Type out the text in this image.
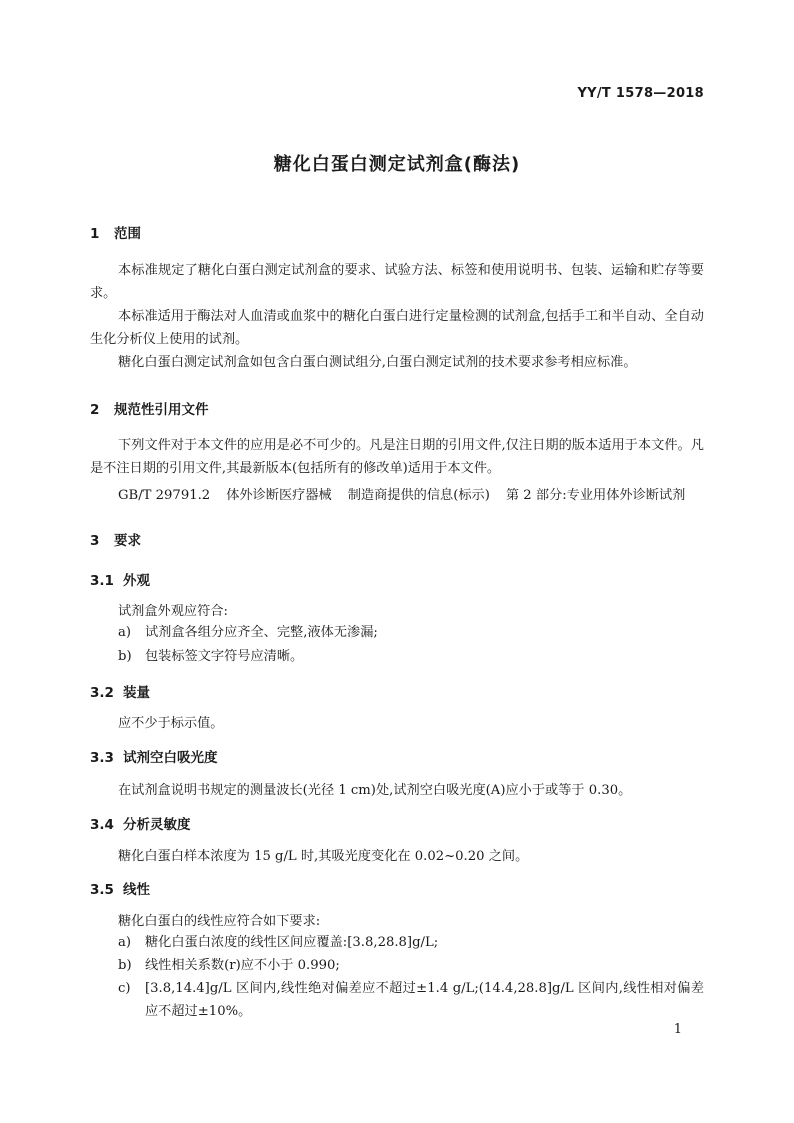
YY/T 1578—2018
糖化白蛋白测定试剂盒(酶法)
1 范围
本标准规定了糖化白蛋白测定试剂盒的要求、试验方法、标签和使用说明书、包装、运输和贮存等要求。
本标准适用于酶法对人血清或血浆中的糖化白蛋白进行定量检测的试剂盒,包括手工和半自动、全自动生化分析仪上使用的试剂。
糖化白蛋白测定试剂盒如包含白蛋白测试组分,白蛋白测定试剂的技术要求参考相应标准。
2 规范性引用文件
下列文件对于本文件的应用是必不可少的。凡是注日期的引用文件,仅注日期的版本适用于本文件。凡是不注日期的引用文件,其最新版本(包括所有的修改单)适用于本文件。
GB/T 29791.2 体外诊断医疗器械 制造商提供的信息(标示) 第 2 部分:专业用体外诊断试剂
3 要求
3.1 外观
试剂盒外观应符合:
a) 试剂盒各组分应齐全、完整,液体无渗漏;
b) 包装标签文字符号应清晰。
3.2 装量
应不少于标示值。
3.3 试剂空白吸光度
在试剂盒说明书规定的测量波长(光径 1 cm)处,试剂空白吸光度(A)应小于或等于 0.30。
3.4 分析灵敏度
糖化白蛋白样本浓度为 15 g/L 时,其吸光度变化在 0.02~0.20 之间。
3.5 线性
糖化白蛋白的线性应符合如下要求:
a) 糖化白蛋白浓度的线性区间应覆盖:[3.8,28.8]g/L;
b) 线性相关系数(r)应不小于 0.990;
c) [3.8,14.4]g/L 区间内,线性绝对偏差应不超过±1.4 g/L;(14.4,28.8]g/L 区间内,线性相对偏差应不超过±10%。
1
